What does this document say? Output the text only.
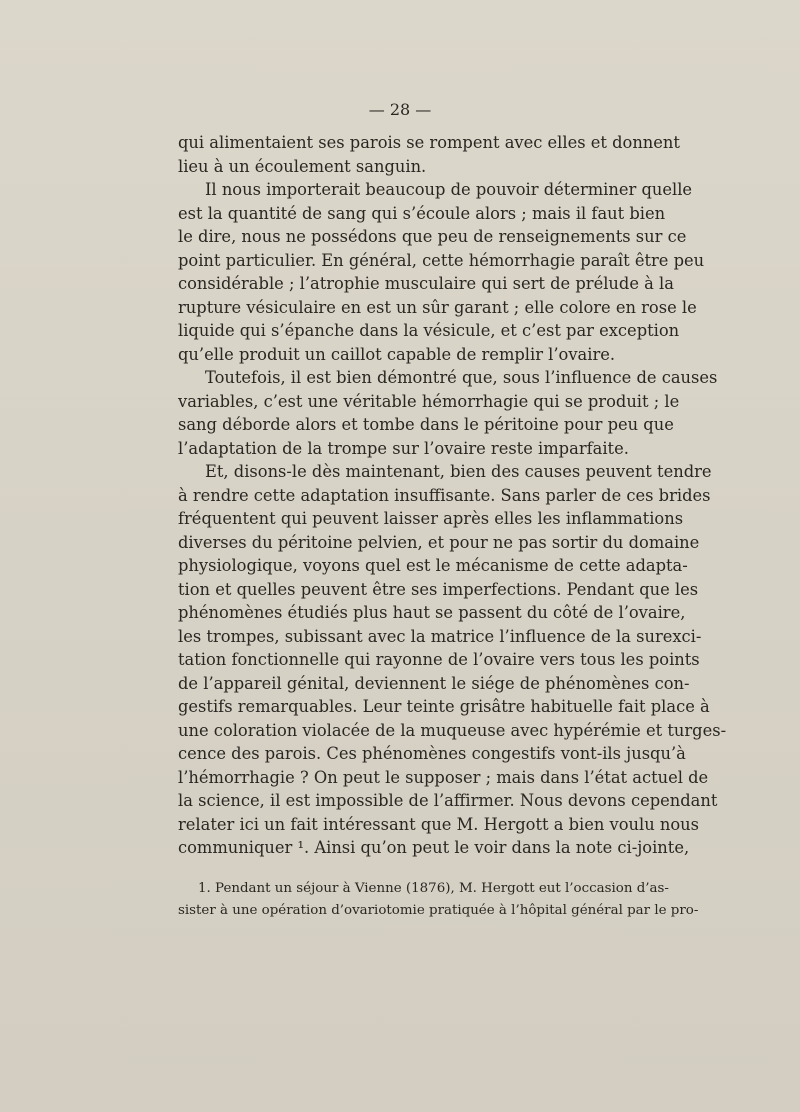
— 28 —
qui alimentaient ses parois se rompent avec elles et donnent
lieu à un écoulement sanguin.
Il nous importerait beaucoup de pouvoir déterminer quelle
est la quantité de sang qui s’écoule alors ; mais il faut bien
le dire, nous ne possédons que peu de renseignements sur ce
point particulier. En général, cette hémorrhagie paraît être peu
considérable ; l’atrophie musculaire qui sert de prélude à la
rupture vésiculaire en est un sûr garant ; elle colore en rose le
liquide qui s’épanche dans la vésicule, et c’est par exception
qu’elle produit un caillot capable de remplir l’ovaire.
Toutefois, il est bien démontré que, sous l’influence de causes
variables, c’est une véritable hémorrhagie qui se produit ; le
sang déborde alors et tombe dans le péritoine pour peu que
l’adaptation de la trompe sur l’ovaire reste imparfaite.
Et, disons-le dès maintenant, bien des causes peuvent tendre
à rendre cette adaptation insuffisante. Sans parler de ces brides
fréquentent qui peuvent laisser après elles les inflammations
diverses du péritoine pelvien, et pour ne pas sortir du domaine
physiologique, voyons quel est le mécanisme de cette adapta-
tion et quelles peuvent être ses imperfections. Pendant que les
phénomènes étudiés plus haut se passent du côté de l’ovaire,
les trompes, subissant avec la matrice l’influence de la surexci-
tation fonctionnelle qui rayonne de l’ovaire vers tous les points
de l’appareil génital, deviennent le siége de phénomènes con-
gestifs remarquables. Leur teinte grisâtre habituelle fait place à
une coloration violacée de la muqueuse avec hypérémie et turges-
cence des parois. Ces phénomènes congestifs vont-ils jusqu’à
l’hémorrhagie ? On peut le supposer ; mais dans l’état actuel de
la science, il est impossible de l’affirmer. Nous devons cependant
relater ici un fait intéressant que M. Hergott a bien voulu nous
communiquer ¹. Ainsi qu’on peut le voir dans la note ci-jointe,
1. Pendant un séjour à Vienne (1876), M. Hergott eut l’occasion d’as-
sister à une opération d’ovariotomie pratiquée à l’hôpital général par le pro-
